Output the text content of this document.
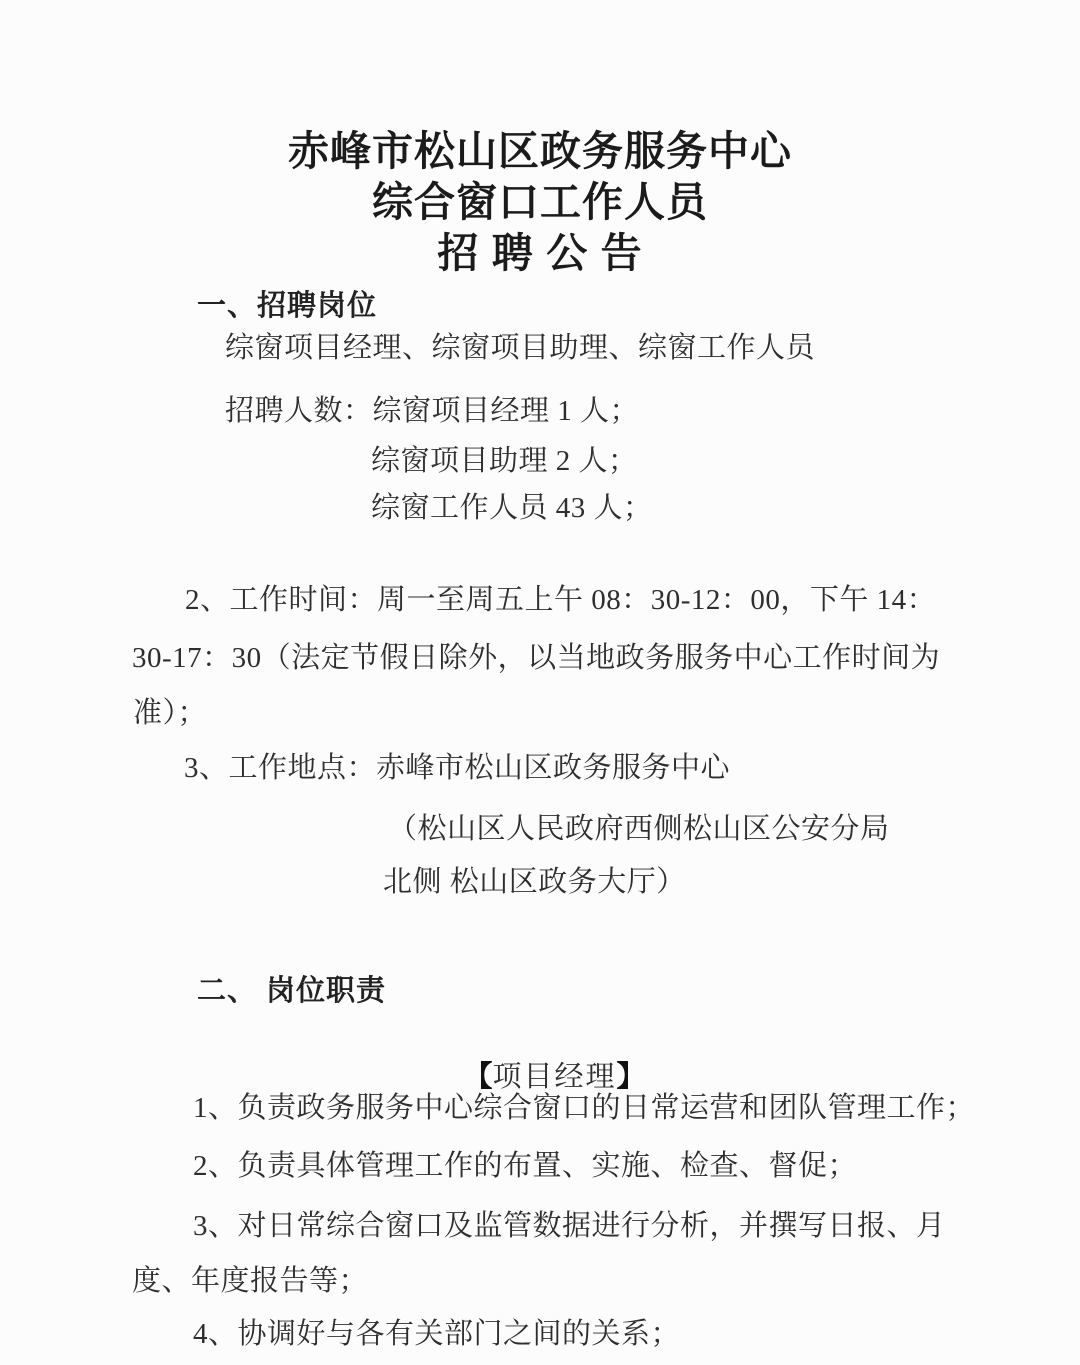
赤峰市松山区政务服务中心
综合窗口工作人员
招 聘 公 告
一、招聘岗位
综窗项目经理、综窗项目助理、综窗工作人员
招聘人数：综窗项目经理 1 人；
综窗项目助理 2 人；
综窗工作人员 43 人；
2、工作时间：周一至周五上午 08：30-12：00，下午 14：
30-17：30（法定节假日除外，以当地政务服务中心工作时间为
准）；
3、工作地点：赤峰市松山区政务服务中心
（松山区人民政府西侧松山区公安分局
北侧 松山区政务大厅）
二、 岗位职责

【项目经理】

1、负责政务服务中心综合窗口的日常运营和团队管理工作；
2、负责具体管理工作的布置、实施、检查、督促；
3、对日常综合窗口及监管数据进行分析，并撰写日报、月
度、年度报告等；
4、协调好与各有关部门之间的关系；
